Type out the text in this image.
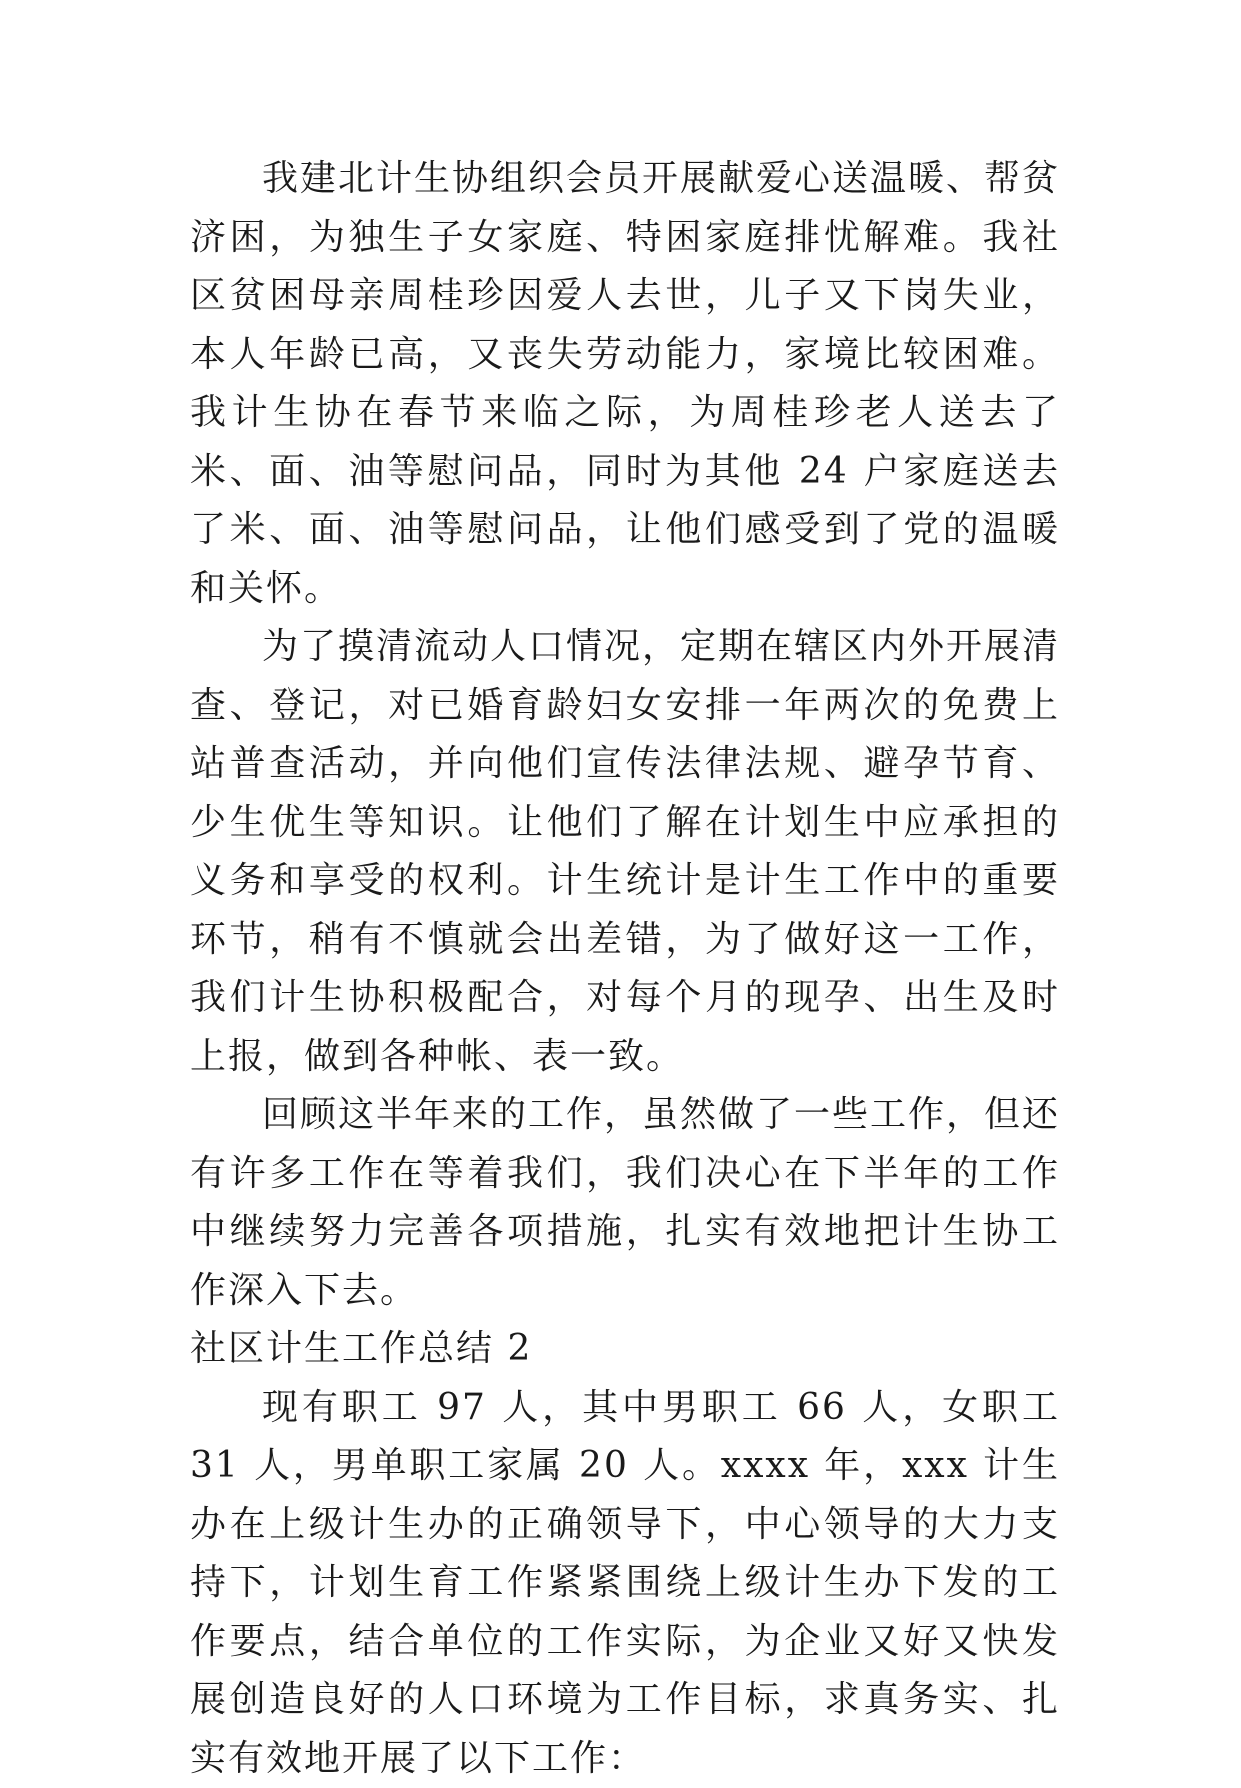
我建北计生协组织会员开展献爱心送温暖、帮贫济困，为独生子女家庭、特困家庭排忧解难。我社区贫困母亲周桂珍因爱人去世，儿子又下岗失业，本人年龄已高，又丧失劳动能力，家境比较困难。我计生协在春节来临之际，为周桂珍老人送去了米、面、油等慰问品，同时为其他 24 户家庭送去了米、面、油等慰问品，让他们感受到了党的温暖和关怀。

为了摸清流动人口情况，定期在辖区内外开展清查、登记，对已婚育龄妇女安排一年两次的免费上站普查活动，并向他们宣传法律法规、避孕节育、少生优生等知识。让他们了解在计划生中应承担的义务和享受的权利。计生统计是计生工作中的重要环节，稍有不慎就会出差错，为了做好这一工作，我们计生协积极配合，对每个月的现孕、出生及时上报，做到各种帐、表一致。

回顾这半年来的工作，虽然做了一些工作，但还有许多工作在等着我们，我们决心在下半年的工作中继续努力完善各项措施，扎实有效地把计生协工作深入下去。

社区计生工作总结 2

现有职工 97 人，其中男职工 66 人，女职工 31 人，男单职工家属 20 人。xxxx 年，xxx 计生办在上级计生办的正确领导下，中心领导的大力支持下，计划生育工作紧紧围绕上级计生办下发的工作要点，结合单位的工作实际，为企业又好又快发展创造良好的人口环境为工作目标，求真务实、扎实有效地开展了以下工作：
